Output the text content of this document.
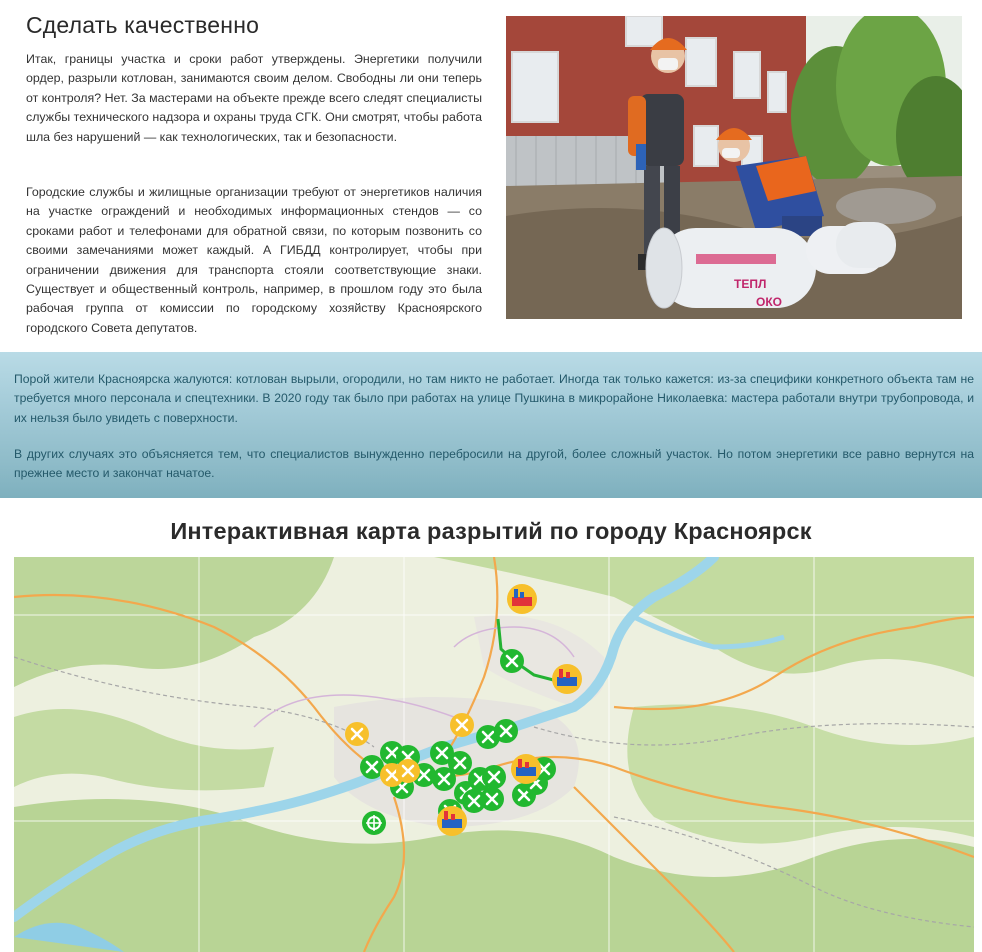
Сделать качественно

Итак, границы участка и сроки работ утверждены. Энергетики получили ордер, разрыли котлован, занимаются своим делом. Свободны ли они теперь от контроля? Нет. За мастерами на объекте прежде всего следят специалисты службы технического надзора и охраны труда СГК. Они смотрят, чтобы работа шла без нарушений — как технологических, так и безопасности.

Городские службы и жилищные организации требуют от энергетиков наличия на участке ограждений и необходимых информационных стендов — со сроками работ и телефонами для обратной связи, по которым позвонить со своими замечаниями может каждый. А ГИБДД контролирует, чтобы при ограничении движения для транспорта стояли соответствующие знаки. Существует и общественный контроль, например, в прошлом году это была рабочая группа от комиссии по городскому хозяйству Красноярского городского Совета депутатов.

ТЕПЛ
ОКО

Порой жители Красноярска жалуются: котлован вырыли, огородили, но там никто не работает. Иногда так только кажется: из-за специфики конкретного объекта там не требуется много персонала и спецтехники. В 2020 году так было при работах на улице Пушкина в микрорайоне Николаевка: мастера работали внутри трубопровода, и их нельзя было увидеть с поверхности.

В других случаях это объясняется тем, что специалистов вынужденно перебросили на другой, более сложный участок. Но потом энергетики все равно вернутся на прежнее место и закончат начатое.

Интерактивная карта разрытий по городу Красноярск
